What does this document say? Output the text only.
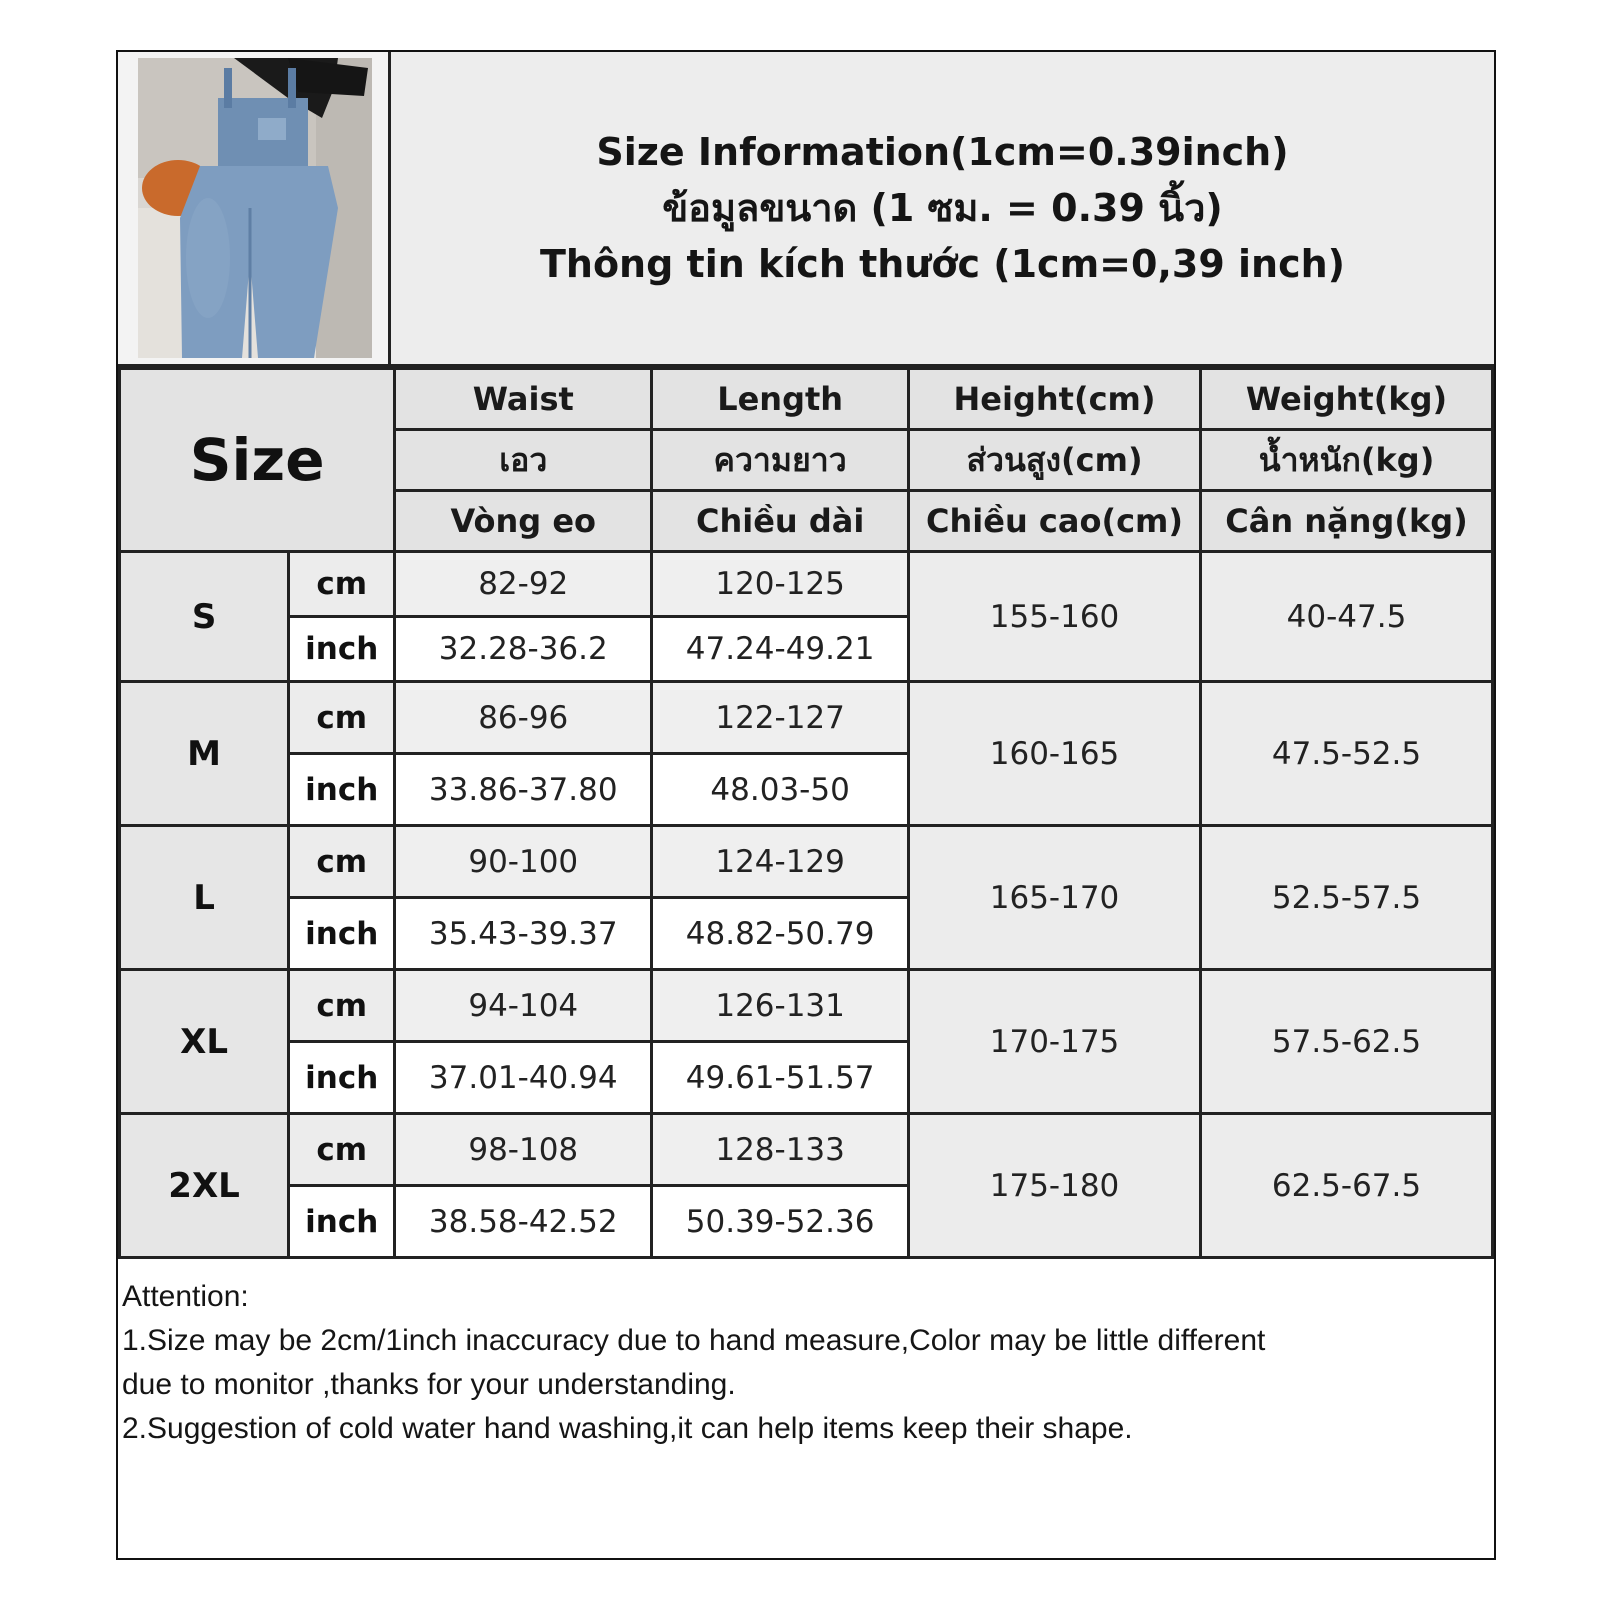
Size Information(1cm=0.39inch)
ข้อมูลขนาด (1 ซม. = 0.39 นิ้ว)
Thông tin kích thước (1cm=0,39 inch)
Size		Waist	Length	Height(cm)	Weight(kg)
		เอว	ความยาว	ส่วนสูง(cm)	น้ำหนัก(kg)
		Vòng eo	Chiều dài	Chiều cao(cm)	Cân nặng(kg)
S	cm	82-92	120-125	155-160	40-47.5
	inch	32.28-36.2	47.24-49.21		
M	cm	86-96	122-127	160-165	47.5-52.5
	inch	33.86-37.80	48.03-50		
L	cm	90-100	124-129	165-170	52.5-57.5
	inch	35.43-39.37	48.82-50.79		
XL	cm	94-104	126-131	170-175	57.5-62.5
	inch	37.01-40.94	49.61-51.57		
2XL	cm	98-108	128-133	175-180	62.5-67.5
	inch	38.58-42.52	50.39-52.36		
Attention:
1.Size may be 2cm/1inch inaccuracy due to hand measure,Color may be little different
due to monitor ,thanks for your understanding.
2.Suggestion of cold water hand washing,it can help items keep their shape.
